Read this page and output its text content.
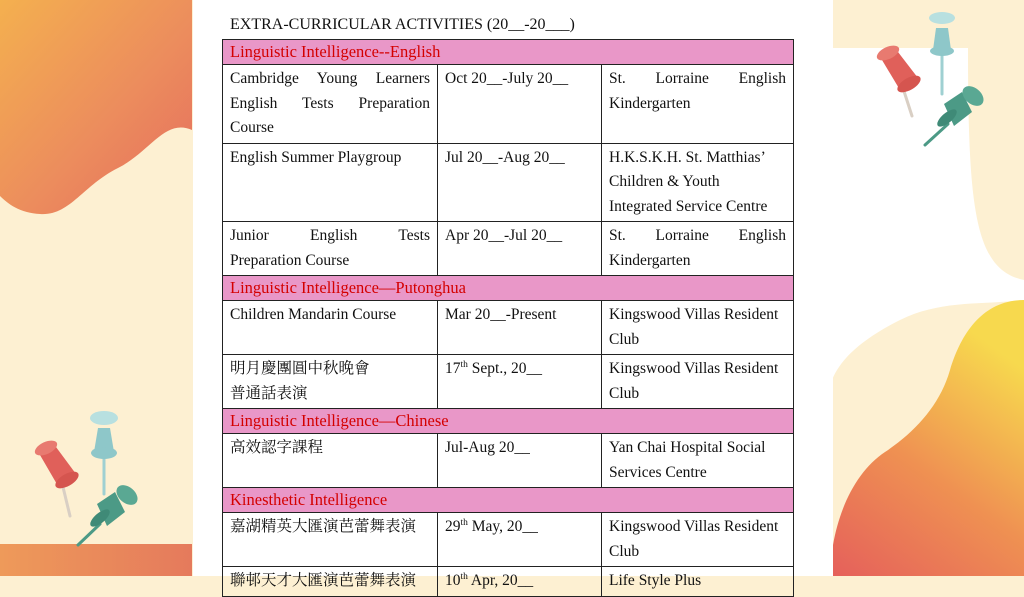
EXTRA-CURRICULAR ACTIVITIES (20__-20___)
Linguistic Intelligence--English		
Cambridge Young Learners English Tests Preparation Course	Oct 20__-July 20__	St. Lorraine English Kindergarten
English Summer Playgroup	Jul 20__-Aug 20__	H.K.S.K.H. St. Matthias’ Children & Youth Integrated Service Centre
Junior English Tests Preparation Course	Apr 20__-Jul 20__	St. Lorraine English Kindergarten
Linguistic Intelligence—Putonghua		
Children Mandarin Course	Mar 20__-Present	Kingswood Villas Resident Club
明月慶團圓中秋晚會普通話表演	17th Sept., 20__	Kingswood Villas Resident Club
Linguistic Intelligence—Chinese		
高效認字課程	Jul-Aug 20__	Yan Chai Hospital Social Services Centre
Kinesthetic Intelligence		
嘉湖精英大匯演芭蕾舞表演	29th May, 20__	Kingswood Villas Resident Club
聯邨天才大匯演芭蕾舞表演	10th Apr, 20__	Life Style Plus
